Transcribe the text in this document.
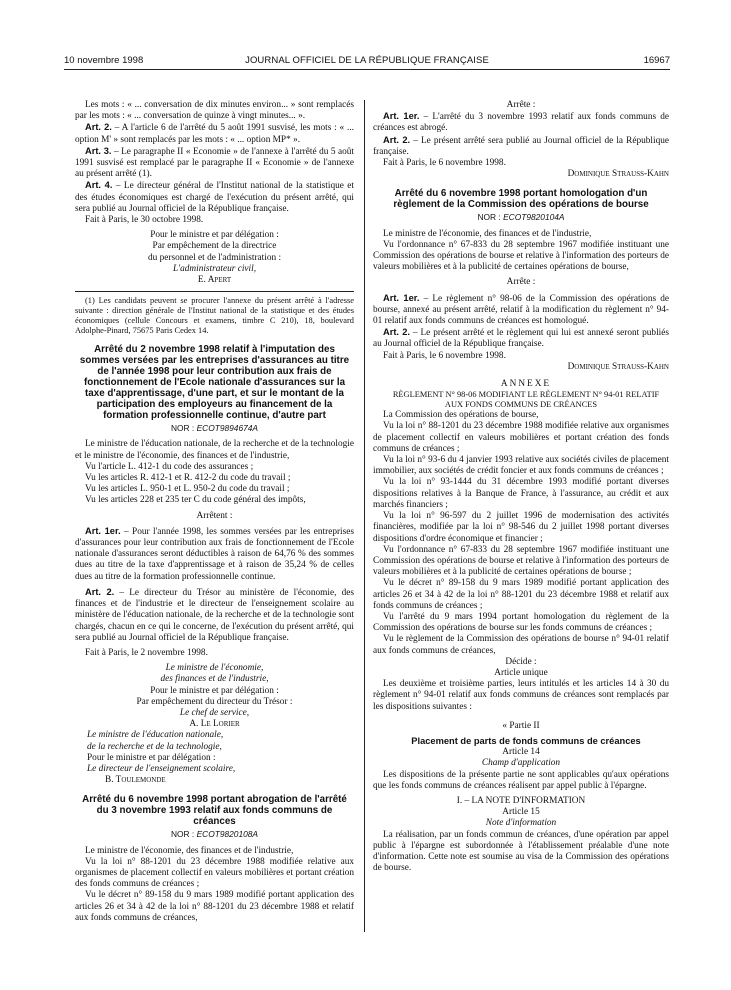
10 novembre 1998	JOURNAL OFFICIEL DE LA RÉPUBLIQUE FRANÇAISE	16967

Les mots : « ... conversation de dix minutes environ... » sont remplacés par les mots : « ... conversation de quinze à vingt minutes... ».

Art. 2. – A l'article 6 de l'arrêté du 5 août 1991 susvisé, les mots : « ... option M' » sont remplacés par les mots : « ... option MP* ».

Art. 3. – Le paragraphe II « Economie » de l'annexe à l'arrêté du 5 août 1991 susvisé est remplacé par le paragraphe II « Economie » de l'annexe au présent arrêté (1).

Art. 4. – Le directeur général de l'Institut national de la statistique et des études économiques est chargé de l'exécution du présent arrêté, qui sera publié au Journal officiel de la République française.

Fait à Paris, le 30 octobre 1998.

Pour le ministre et par délégation :

Par empêchement de la directrice

du personnel et de l'administration :

L'administrateur civil,

E. Apert

(1) Les candidats peuvent se procurer l'annexe du présent arrêté à l'adresse suivante : direction générale de l'Institut national de la statistique et des études économiques (cellule Concours et examens, timbre C 210), 18, boulevard Adolphe-Pinard, 75675 Paris Cedex 14.

Arrêté du 2 novembre 1998 relatif à l'imputation des sommes versées par les entreprises d'assurances au titre de l'année 1998 pour leur contribution aux frais de fonctionnement de l'Ecole nationale d'assurances sur la taxe d'apprentissage, d'une part, et sur le montant de la participation des employeurs au financement de la formation professionnelle continue, d'autre part
NOR : ECOT9894674A

Le ministre de l'éducation nationale, de la recherche et de la technologie et le ministre de l'économie, des finances et de l'industrie,

Vu l'article L. 412-1 du code des assurances ;

Vu les articles R. 412-1 et R. 412-2 du code du travail ;

Vu les articles L. 950-1 et L. 950-2 du code du travail ;

Vu les articles 228 et 235 ter C du code général des impôts,

Arrêtent :

Art. 1er. – Pour l'année 1998, les sommes versées par les entreprises d'assurances pour leur contribution aux frais de fonctionnement de l'Ecole nationale d'assurances seront déductibles à raison de 64,76 % des sommes dues au titre de la taxe d'apprentissage et à raison de 35,24 % de celles dues au titre de la formation professionnelle continue.

Art. 2. – Le directeur du Trésor au ministère de l'économie, des finances et de l'industrie et le directeur de l'enseignement scolaire au ministère de l'éducation nationale, de la recherche et de la technologie sont chargés, chacun en ce qui le concerne, de l'exécution du présent arrêté, qui sera publié au Journal officiel de la République française.

Fait à Paris, le 2 novembre 1998.

Le ministre de l'économie,

des finances et de l'industrie,

Pour le ministre et par délégation :

Par empêchement du directeur du Trésor :

Le chef de service,

A. Le Lorier

Le ministre de l'éducation nationale,

de la recherche et de la technologie,

Pour le ministre et par délégation :

Le directeur de l'enseignement scolaire,

B. Toulemonde

Arrêté du 6 novembre 1998 portant abrogation de l'arrêté du 3 novembre 1993 relatif aux fonds communs de créances
NOR : ECOT9820108A

Le ministre de l'économie, des finances et de l'industrie,

Vu la loi n° 88-1201 du 23 décembre 1988 modifiée relative aux organismes de placement collectif en valeurs mobilières et portant création des fonds communs de créances ;

Vu le décret n° 89-158 du 9 mars 1989 modifié portant application des articles 26 et 34 à 42 de la loi n° 88-1201 du 23 décembre 1988 et relatif aux fonds communs de créances,

Arrête :

Art. 1er. – L'arrêté du 3 novembre 1993 relatif aux fonds communs de créances est abrogé.

Art. 2. – Le présent arrêté sera publié au Journal officiel de la République française.

Fait à Paris, le 6 novembre 1998.

Dominique Strauss-Kahn

Arrêté du 6 novembre 1998 portant homologation d'un règlement de la Commission des opérations de bourse
NOR : ECOT9820104A

Le ministre de l'économie, des finances et de l'industrie,

Vu l'ordonnance n° 67-833 du 28 septembre 1967 modifiée instituant une Commission des opérations de bourse et relative à l'information des porteurs de valeurs mobilières et à la publicité de certaines opérations de bourse,

Arrête :

Art. 1er. – Le règlement n° 98-06 de la Commission des opérations de bourse, annexé au présent arrêté, relatif à la modification du règlement n° 94-01 relatif aux fonds communs de créances est homologué.

Art. 2. – Le présent arrêté et le règlement qui lui est annexé seront publiés au Journal officiel de la République française.

Fait à Paris, le 6 novembre 1998.

Dominique Strauss-Kahn

ANNEXE

RÈGLEMENT N° 98-06 MODIFIANT LE RÈGLEMENT N° 94-01 RELATIF AUX FONDS COMMUNS DE CRÉANCES

La Commission des opérations de bourse,

Vu la loi n° 88-1201 du 23 décembre 1988 modifiée relative aux organismes de placement collectif en valeurs mobilières et portant création des fonds communs de créances ;

Vu la loi n° 93-6 du 4 janvier 1993 relative aux sociétés civiles de placement immobilier, aux sociétés de crédit foncier et aux fonds communs de créances ;

Vu la loi n° 93-1444 du 31 décembre 1993 modifié portant diverses dispositions relatives à la Banque de France, à l'assurance, au crédit et aux marchés financiers ;

Vu la loi n° 96-597 du 2 juillet 1996 de modernisation des activités financières, modifiée par la loi n° 98-546 du 2 juillet 1998 portant diverses dispositions d'ordre économique et financier ;

Vu l'ordonnance n° 67-833 du 28 septembre 1967 modifiée instituant une Commission des opérations de bourse et relative à l'information des porteurs de valeurs mobilières et à la publicité de certaines opérations de bourse ;

Vu le décret n° 89-158 du 9 mars 1989 modifié portant application des articles 26 et 34 à 42 de la loi n° 88-1201 du 23 décembre 1988 et relatif aux fonds communs de créances ;

Vu l'arrêté du 9 mars 1994 portant homologation du règlement de la Commission des opérations de bourse sur les fonds communs de créances ;

Vu le règlement de la Commission des opérations de bourse n° 94-01 relatif aux fonds communs de créances,

Décide :

Article unique

Les deuxième et troisième parties, leurs intitulés et les articles 14 à 30 du règlement n° 94-01 relatif aux fonds communs de créances sont remplacés par les dispositions suivantes :

« Partie II

Placement de parts de fonds communs de créances

Article 14

Champ d'application

Les dispositions de la présente partie ne sont applicables qu'aux opérations que les fonds communs de créances réalisent par appel public à l'épargne.

I. – LA NOTE D'INFORMATION

Article 15

Note d'information

La réalisation, par un fonds commun de créances, d'une opération par appel public à l'épargne est subordonnée à l'établissement préalable d'une note d'information. Cette note est soumise au visa de la Commission des opérations de bourse.
